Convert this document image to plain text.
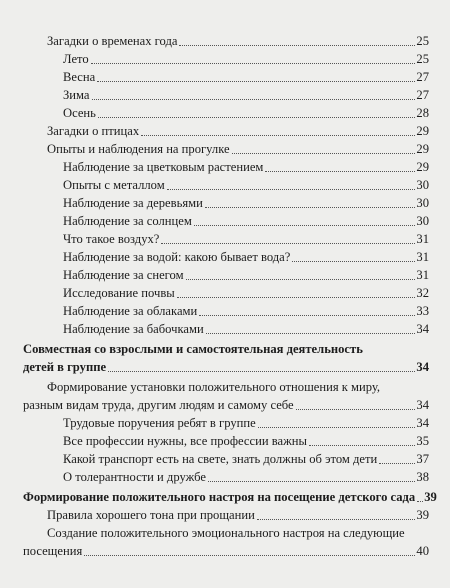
Загадки о временах года	25
Лето	25
Весна	27
Зима	27
Осень	28
Загадки о птицах	29
Опыты и наблюдения на прогулке	29
Наблюдение за цветковым растением	29
Опыты с металлом	30
Наблюдение за деревьями	30
Наблюдение за солнцем	30
Что такое воздух?	31
Наблюдение за водой: какою бывает вода?	31
Наблюдение за снегом	31
Исследование почвы	32
Наблюдение за облаками	33
Наблюдение за бабочками	34
Совместная со взрослыми и самостоятельная деятельность
детей в группе	34
Формирование установки положительного отношения к миру,
разным видам труда, другим людям и самому себе	34
Трудовые поручения ребят в группе	34
Все профессии нужны, все профессии важны	35
Какой транспорт есть на свете, знать должны об этом дети	37
О толерантности и дружбе	38
Формирование положительного настроя на посещение детского сада 39
Правила хорошего тона при прощании	39
Создание положительного эмоционального настроя на следующие
посещения	40
